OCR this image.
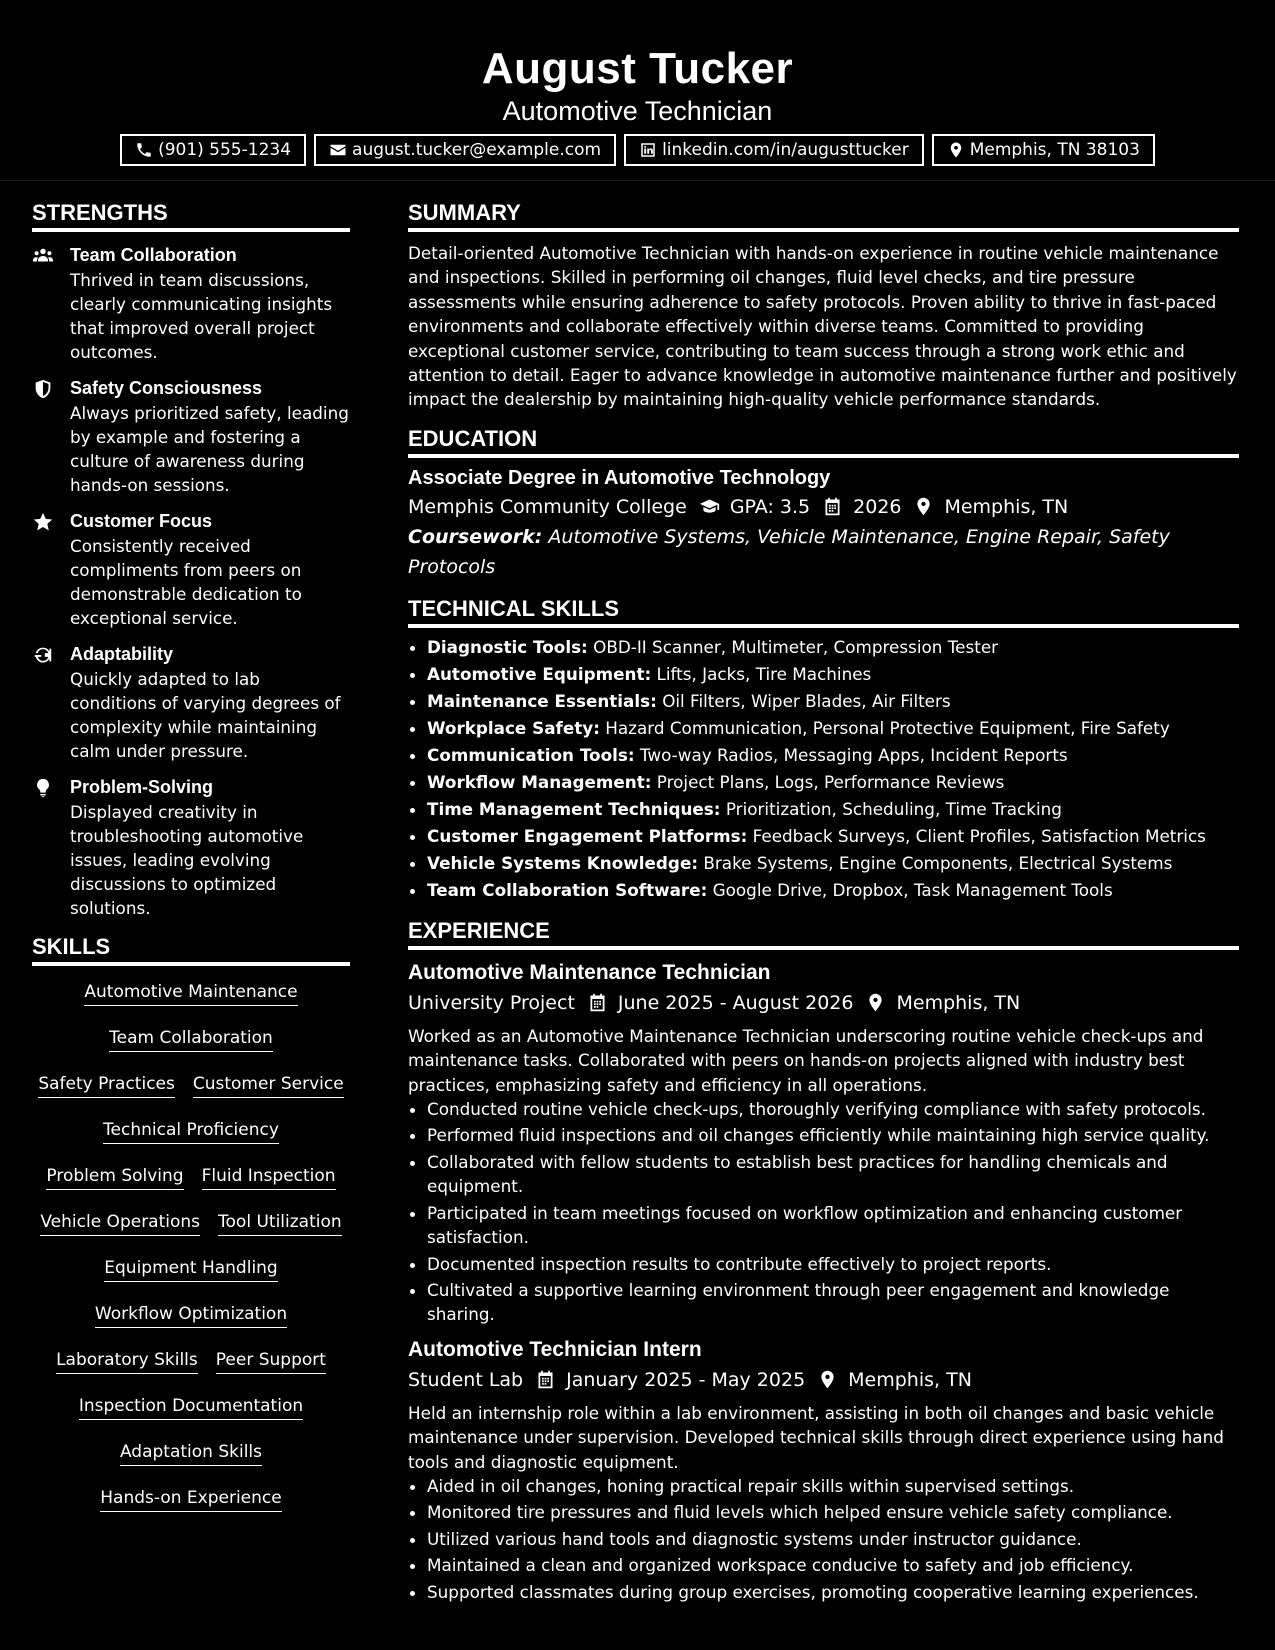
August Tucker
Automotive Technician
(901) 555-1234	august.tucker@example.com	linkedin.com/in/augusttucker	Memphis, TN 38103
STRENGTHS
Team Collaboration
Thrived in team discussions, clearly communicating insights that improved overall project outcomes.
Safety Consciousness
Always prioritized safety, leading by example and fostering a culture of awareness during hands-on sessions.
Customer Focus
Consistently received compliments from peers on demonstrable dedication to exceptional service.
Adaptability
Quickly adapted to lab conditions of varying degrees of complexity while maintaining calm under pressure.
Problem-Solving
Displayed creativity in troubleshooting automotive issues, leading evolving discussions to optimized solutions.
SKILLS
Automotive Maintenance
Team Collaboration
Safety Practices Customer Service
Technical Proficiency
Problem Solving Fluid Inspection
Vehicle Operations Tool Utilization
Equipment Handling
Workflow Optimization
Laboratory Skills Peer Support
Inspection Documentation
Adaptation Skills
Hands-on Experience
SUMMARY
Detail-oriented Automotive Technician with hands-on experience in routine vehicle maintenance and inspections. Skilled in performing oil changes, fluid level checks, and tire pressure assessments while ensuring adherence to safety protocols. Proven ability to thrive in fast-paced environments and collaborate effectively within diverse teams. Committed to providing exceptional customer service, contributing to team success through a strong work ethic and attention to detail. Eager to advance knowledge in automotive maintenance further and positively impact the dealership by maintaining high-quality vehicle performance standards.
EDUCATION
Associate Degree in Automotive Technology
Memphis Community College GPA: 3.5 2026 Memphis, TN
Coursework: Automotive Systems, Vehicle Maintenance, Engine Repair, Safety Protocols
TECHNICAL SKILLS
• Diagnostic Tools: OBD-II Scanner, Multimeter, Compression Tester
• Automotive Equipment: Lifts, Jacks, Tire Machines
• Maintenance Essentials: Oil Filters, Wiper Blades, Air Filters
• Workplace Safety: Hazard Communication, Personal Protective Equipment, Fire Safety
• Communication Tools: Two-way Radios, Messaging Apps, Incident Reports
• Workflow Management: Project Plans, Logs, Performance Reviews
• Time Management Techniques: Prioritization, Scheduling, Time Tracking
• Customer Engagement Platforms: Feedback Surveys, Client Profiles, Satisfaction Metrics
• Vehicle Systems Knowledge: Brake Systems, Engine Components, Electrical Systems
• Team Collaboration Software: Google Drive, Dropbox, Task Management Tools
EXPERIENCE
Automotive Maintenance Technician
University Project June 2025 - August 2026 Memphis, TN
Worked as an Automotive Maintenance Technician underscoring routine vehicle check-ups and maintenance tasks. Collaborated with peers on hands-on projects aligned with industry best practices, emphasizing safety and efficiency in all operations.
• Conducted routine vehicle check-ups, thoroughly verifying compliance with safety protocols.
• Performed fluid inspections and oil changes efficiently while maintaining high service quality.
• Collaborated with fellow students to establish best practices for handling chemicals and equipment.
• Participated in team meetings focused on workflow optimization and enhancing customer satisfaction.
• Documented inspection results to contribute effectively to project reports.
• Cultivated a supportive learning environment through peer engagement and knowledge sharing.
Automotive Technician Intern
Student Lab January 2025 - May 2025 Memphis, TN
Held an internship role within a lab environment, assisting in both oil changes and basic vehicle maintenance under supervision. Developed technical skills through direct experience using hand tools and diagnostic equipment.
• Aided in oil changes, honing practical repair skills within supervised settings.
• Monitored tire pressures and fluid levels which helped ensure vehicle safety compliance.
• Utilized various hand tools and diagnostic systems under instructor guidance.
• Maintained a clean and organized workspace conducive to safety and job efficiency.
• Supported classmates during group exercises, promoting cooperative learning experiences.
